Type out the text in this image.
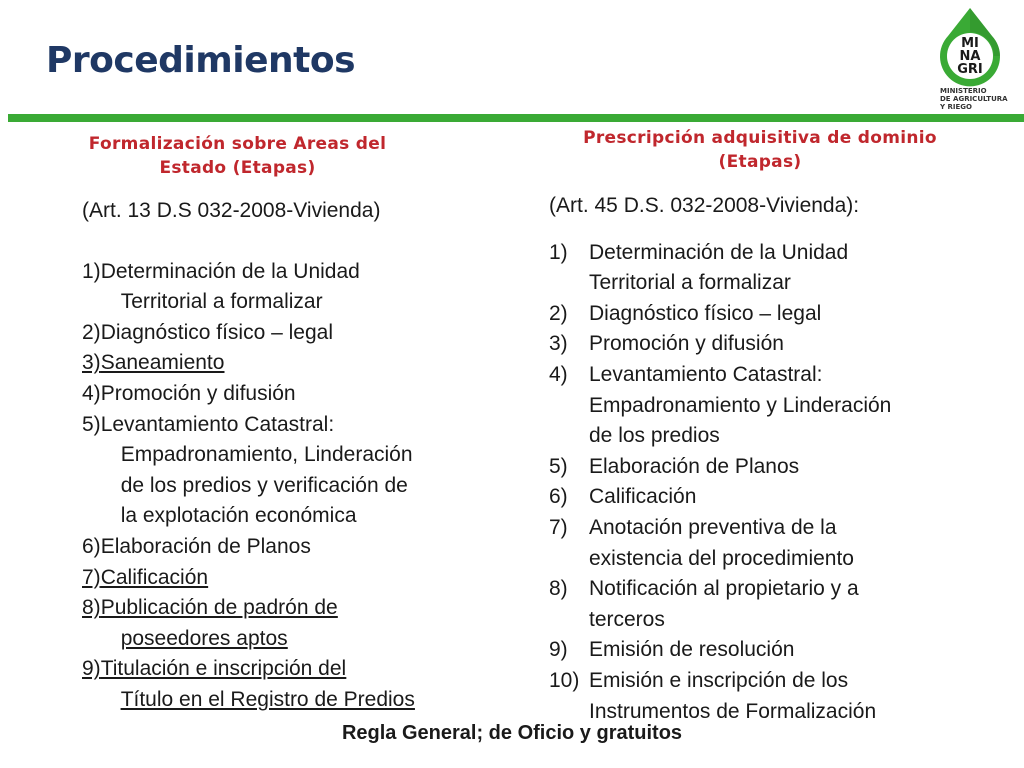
Procedimientos	MI
NA
GRI
MINISTERIO
DE AGRICULTURA
Y RIEGO
Formalización sobre Areas del
Estado (Etapas)
Prescripción adquisitiva de dominio
(Etapas)

(Art. 13 D.S 032-2008-Vivienda)

1) Determinación de la Unidad
Territorial a formalizar
2) Diagnóstico físico – legal
3) Saneamiento
4) Promoción y difusión
5) Levantamiento Catastral:
Empadronamiento, Linderación
de los predios y verificación de
la explotación económica
6) Elaboración de Planos
7) Calificación
8) Publicación de padrón de
poseedores aptos
9) Titulación e inscripción del
Título en el Registro de Predios

(Art. 45 D.S. 032-2008-Vivienda):

1)	Determinación de la Unidad
Territorial a formalizar
2)	Diagnóstico físico – legal
3)	Promoción y difusión
4)	Levantamiento Catastral:
Empadronamiento y Linderación
de los predios
5)	Elaboración de Planos
6)	Calificación
7)	Anotación preventiva de la
existencia del procedimiento
8)	Notificación al propietario y a
terceros
9)	Emisión de resolución
10) Emisión e inscripción de los
Instrumentos de Formalización
Regla General; de Oficio y gratuitos
